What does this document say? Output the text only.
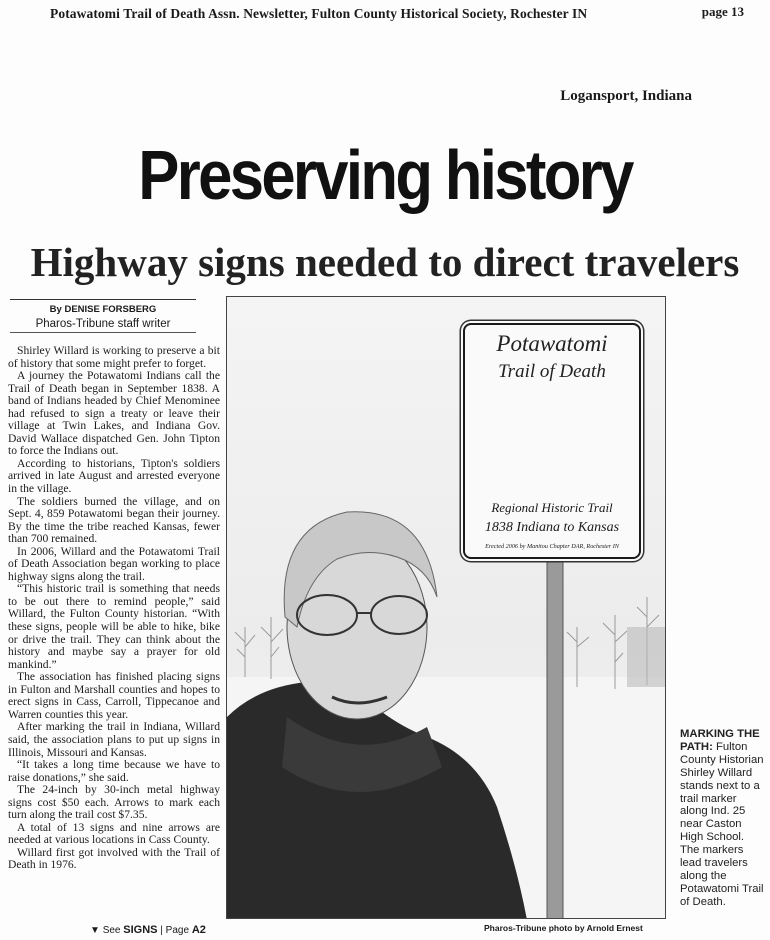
Potawatomi Trail of Death Assn. Newsletter, Fulton County Historical Society, Rochester IN	page 13
Logansport, Indiana
Preserving history
Highway signs needed to direct travelers
By DENISE FORSBERG
Pharos-Tribune staff writer

Shirley Willard is working to preserve a bit of history that some might prefer to forget.

A journey the Potawatomi Indians call the Trail of Death began in September 1838. A band of Indians headed by Chief Menominee had refused to sign a treaty or leave their village at Twin Lakes, and Indiana Gov. David Wallace dispatched Gen. John Tipton to force the Indians out.

According to historians, Tipton's soldiers arrived in late August and arrested everyone in the village.

The soldiers burned the village, and on Sept. 4, 859 Potawatomi began their journey. By the time the tribe reached Kansas, fewer than 700 remained.

In 2006, Willard and the Potawatomi Trail of Death Association began working to place highway signs along the trail.

“This historic trail is something that needs to be out there to remind people,” said Willard, the Fulton County historian. “With these signs, people will be able to hike, bike or drive the trail. They can think about the history and maybe say a prayer for old mankind.”

The association has finished placing signs in Fulton and Marshall counties and hopes to erect signs in Cass, Carroll, Tippecanoe and Warren counties this year.

After marking the trail in Indiana, Willard said, the association plans to put up signs in Illinois, Missouri and Kansas.

“It takes a long time because we have to raise donations,” she said.

The 24-inch by 30-inch metal highway signs cost $50 each. Arrows to mark each turn along the trail cost $7.35.

A total of 13 signs and nine arrows are needed at various locations in Cass County.

Willard first got involved with the Trail of Death in 1976.

▼ See SIGNS | Page A2
Potawatomi
Trail of Death
Regional Historic Trail
1838 Indiana to Kansas
Erected 2006 by Manitou Chapter DAR, Rochester IN
Pharos-Tribune photo by Arnold Ernest
MARKING THE PATH: Fulton County Historian Shirley Willard stands next to a trail marker along Ind. 25 near Caston High School. The markers lead travelers along the Potawatomi Trail of Death.
